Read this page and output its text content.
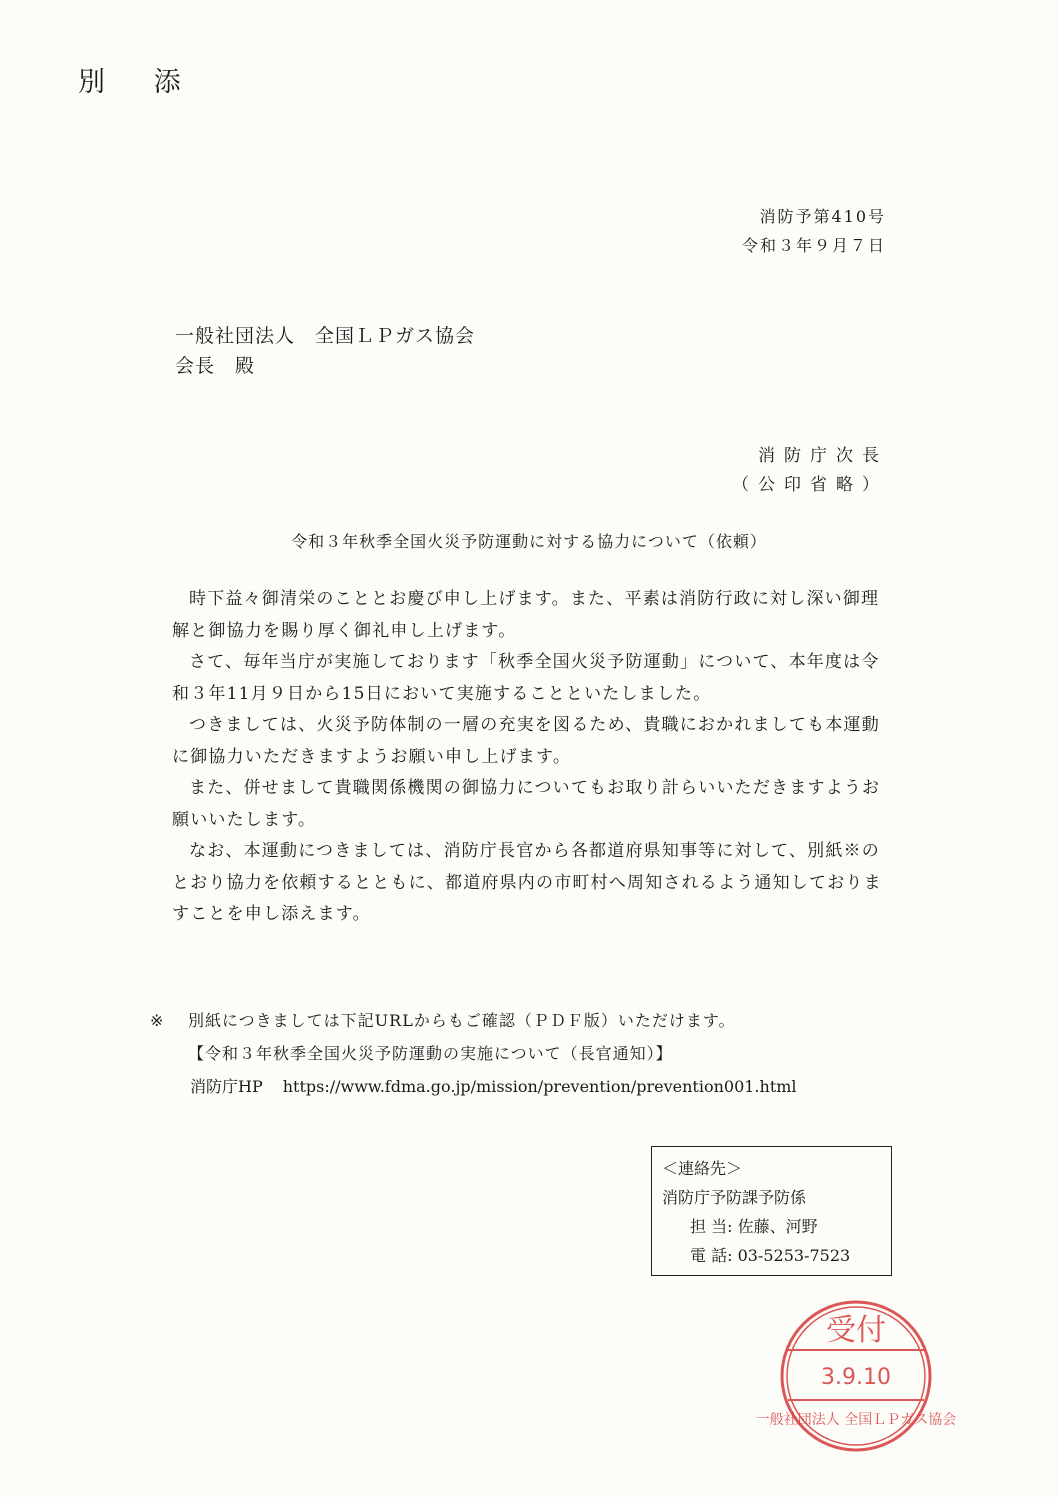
別 添
消防予第410号
令和３年９月７日
一般社団法人　全国ＬＰガス協会
会長　殿
消防庁次長
（公印省略）
令和３年秋季全国火災予防運動に対する協力について（依頼）

時下益々御清栄のこととお慶び申し上げます。また、平素は消防行政に対し深い御理解と御協力を賜り厚く御礼申し上げます。

さて、毎年当庁が実施しております「秋季全国火災予防運動」について、本年度は令和３年11月９日から15日において実施することといたしました。

つきましては、火災予防体制の一層の充実を図るため、貴職におかれましても本運動に御協力いただきますようお願い申し上げます。

また、併せまして貴職関係機関の御協力についてもお取り計らいいただきますようお願いいたします。

なお、本運動につきましては、消防庁長官から各都道府県知事等に対して、別紙※のとおり協力を依頼するとともに、都道府県内の市町村へ周知されるよう通知しておりますことを申し添えます。

※ 別紙につきましては下記URLからもご確認（ＰＤＦ版）いただけます。
【令和３年秋季全国火災予防運動の実施について（長官通知）】
消防庁HP https://www.fdma.go.jp/mission/prevention/prevention001.html
＜連絡先＞
消防庁予防課予防係
担 当: 佐藤、河野
電 話: 03-5253-7523
受付
3.9.10
一般社団法人 全国ＬＰガス協会
